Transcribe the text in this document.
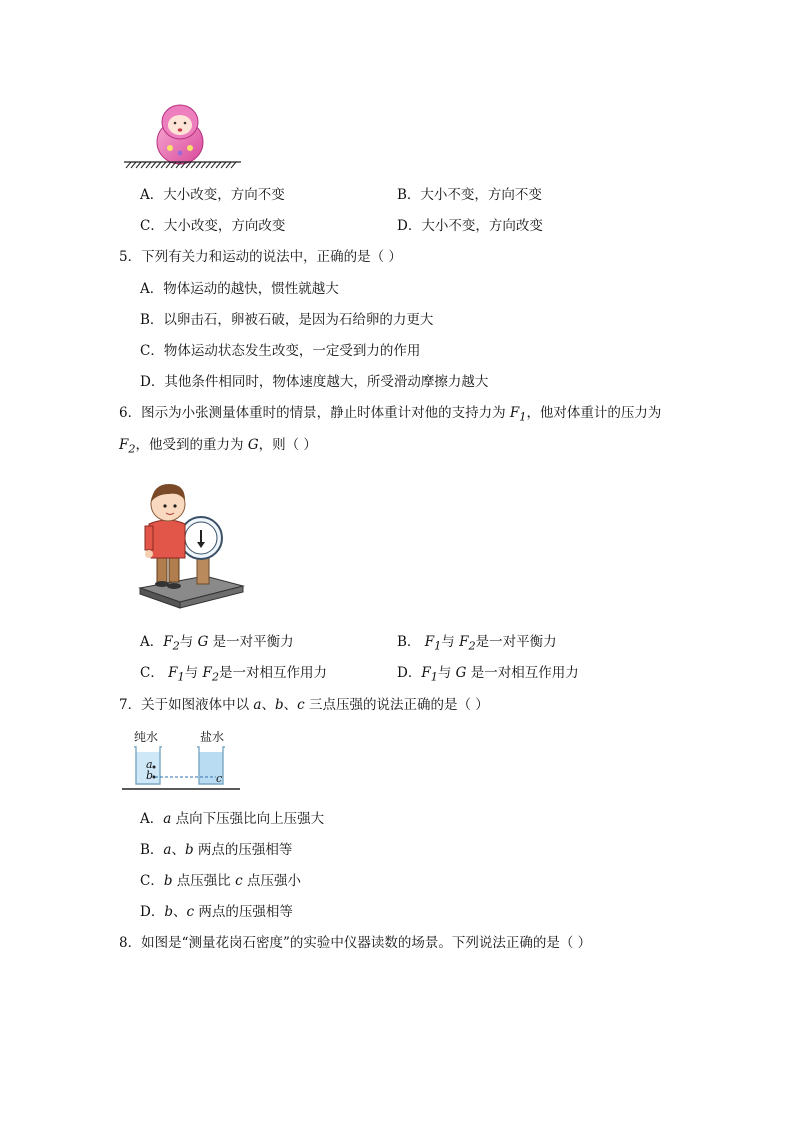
A．大小改变，方向不变	B．大小不变，方向不变
C．大小改变，方向改变	D．大小不变，方向改变
5．下列有关力和运动的说法中，正确的是（ ）
A．物体运动的越快，惯性就越大
B．以卵击石，卵被石破，是因为石给卵的力更大
C．物体运动状态发生改变，一定受到力的作用
D．其他条件相同时，物体速度越大，所受滑动摩擦力越大
6．图示为小张测量体重时的情景，静止时体重计对他的支持力为 $F_1$，他对体重计的压力为
$F_2$，他受到的重力为 G，则（ ）
A．$F_2$与 G 是一对平衡力	B． $F_1$与 $F_2$是一对平衡力
C． $F_1$与 $F_2$是一对相互作用力	D．$F_1$与 G 是一对相互作用力
7．关于如图液体中以 a、b、c 三点压强的说法正确的是（ ）
纯水	盐水
a
b	c
A．a 点向下压强比向上压强大
B．a、b 两点的压强相等
C．b 点压强比 c 点压强小
D．b、c 两点的压强相等
8．如图是“测量花岗石密度”的实验中仪器读数的场景。下列说法正确的是（ ）
